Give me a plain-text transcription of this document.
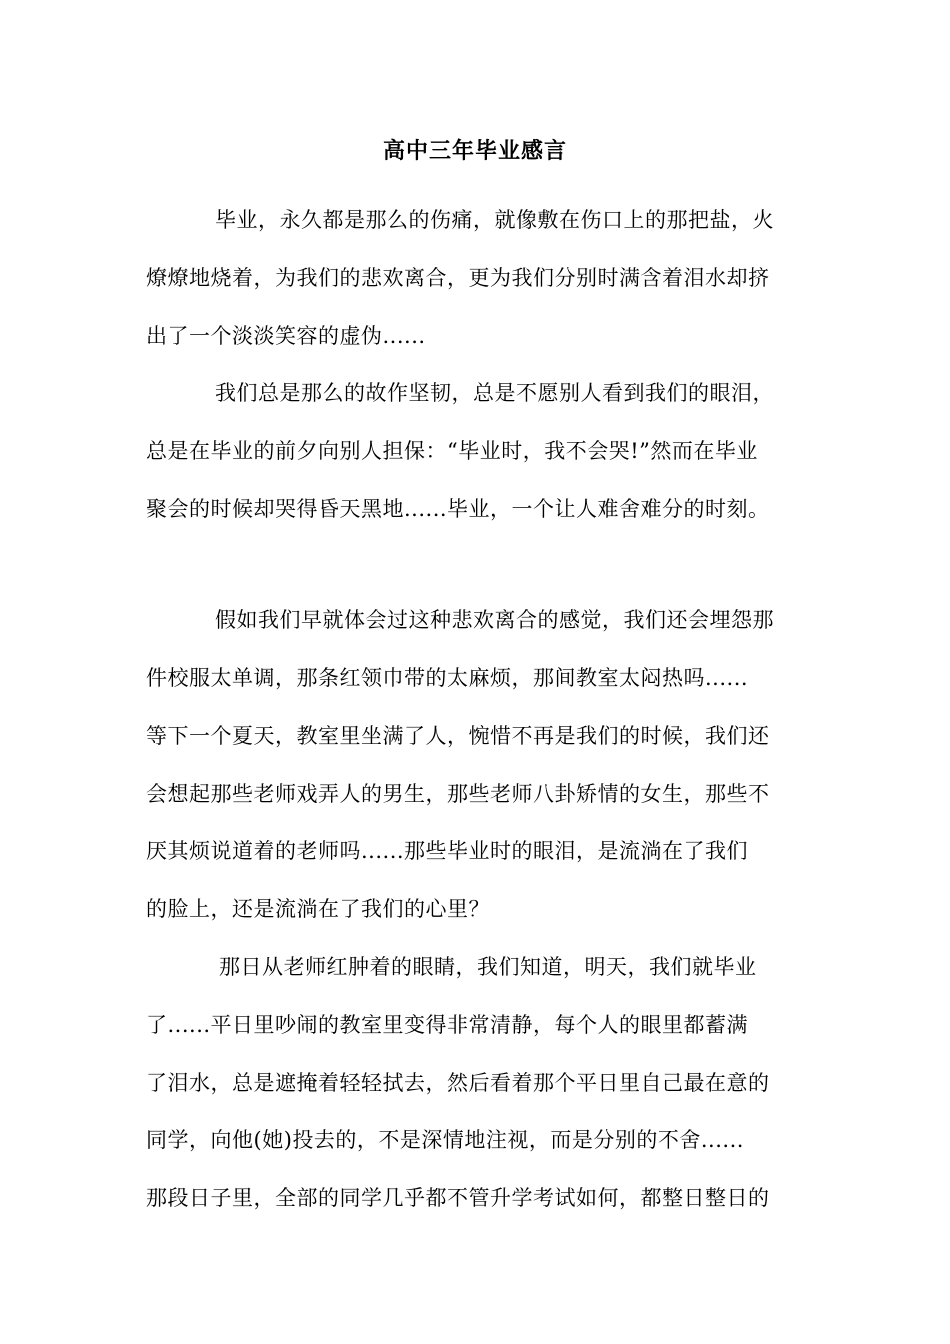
高中三年毕业感言
毕业，永久都是那么的伤痛，就像敷在伤口上的那把盐，火
燎燎地烧着，为我们的悲欢离合，更为我们分别时满含着泪水却挤
出了一个淡淡笑容的虚伪......
我们总是那么的故作坚韧，总是不愿别人看到我们的眼泪，
总是在毕业的前夕向别人担保：“毕业时，我不会哭!”然而在毕业
聚会的时候却哭得昏天黑地......毕业，一个让人难舍难分的时刻。
假如我们早就体会过这种悲欢离合的感觉，我们还会埋怨那
件校服太单调，那条红领巾带的太麻烦，那间教室太闷热吗......
等下一个夏天，教室里坐满了人，惋惜不再是我们的时候，我们还
会想起那些老师戏弄人的男生，那些老师八卦矫情的女生，那些不
厌其烦说道着的老师吗......那些毕业时的眼泪，是流淌在了我们
的脸上，还是流淌在了我们的心里？
那日从老师红肿着的眼睛，我们知道，明天，我们就毕业
了......平日里吵闹的教室里变得非常清静，每个人的眼里都蓄满
了泪水，总是遮掩着轻轻拭去，然后看着那个平日里自己最在意的
同学，向他(她)投去的，不是深情地注视，而是分别的不舍......
那段日子里，全部的同学几乎都不管升学考试如何，都整日整日的
